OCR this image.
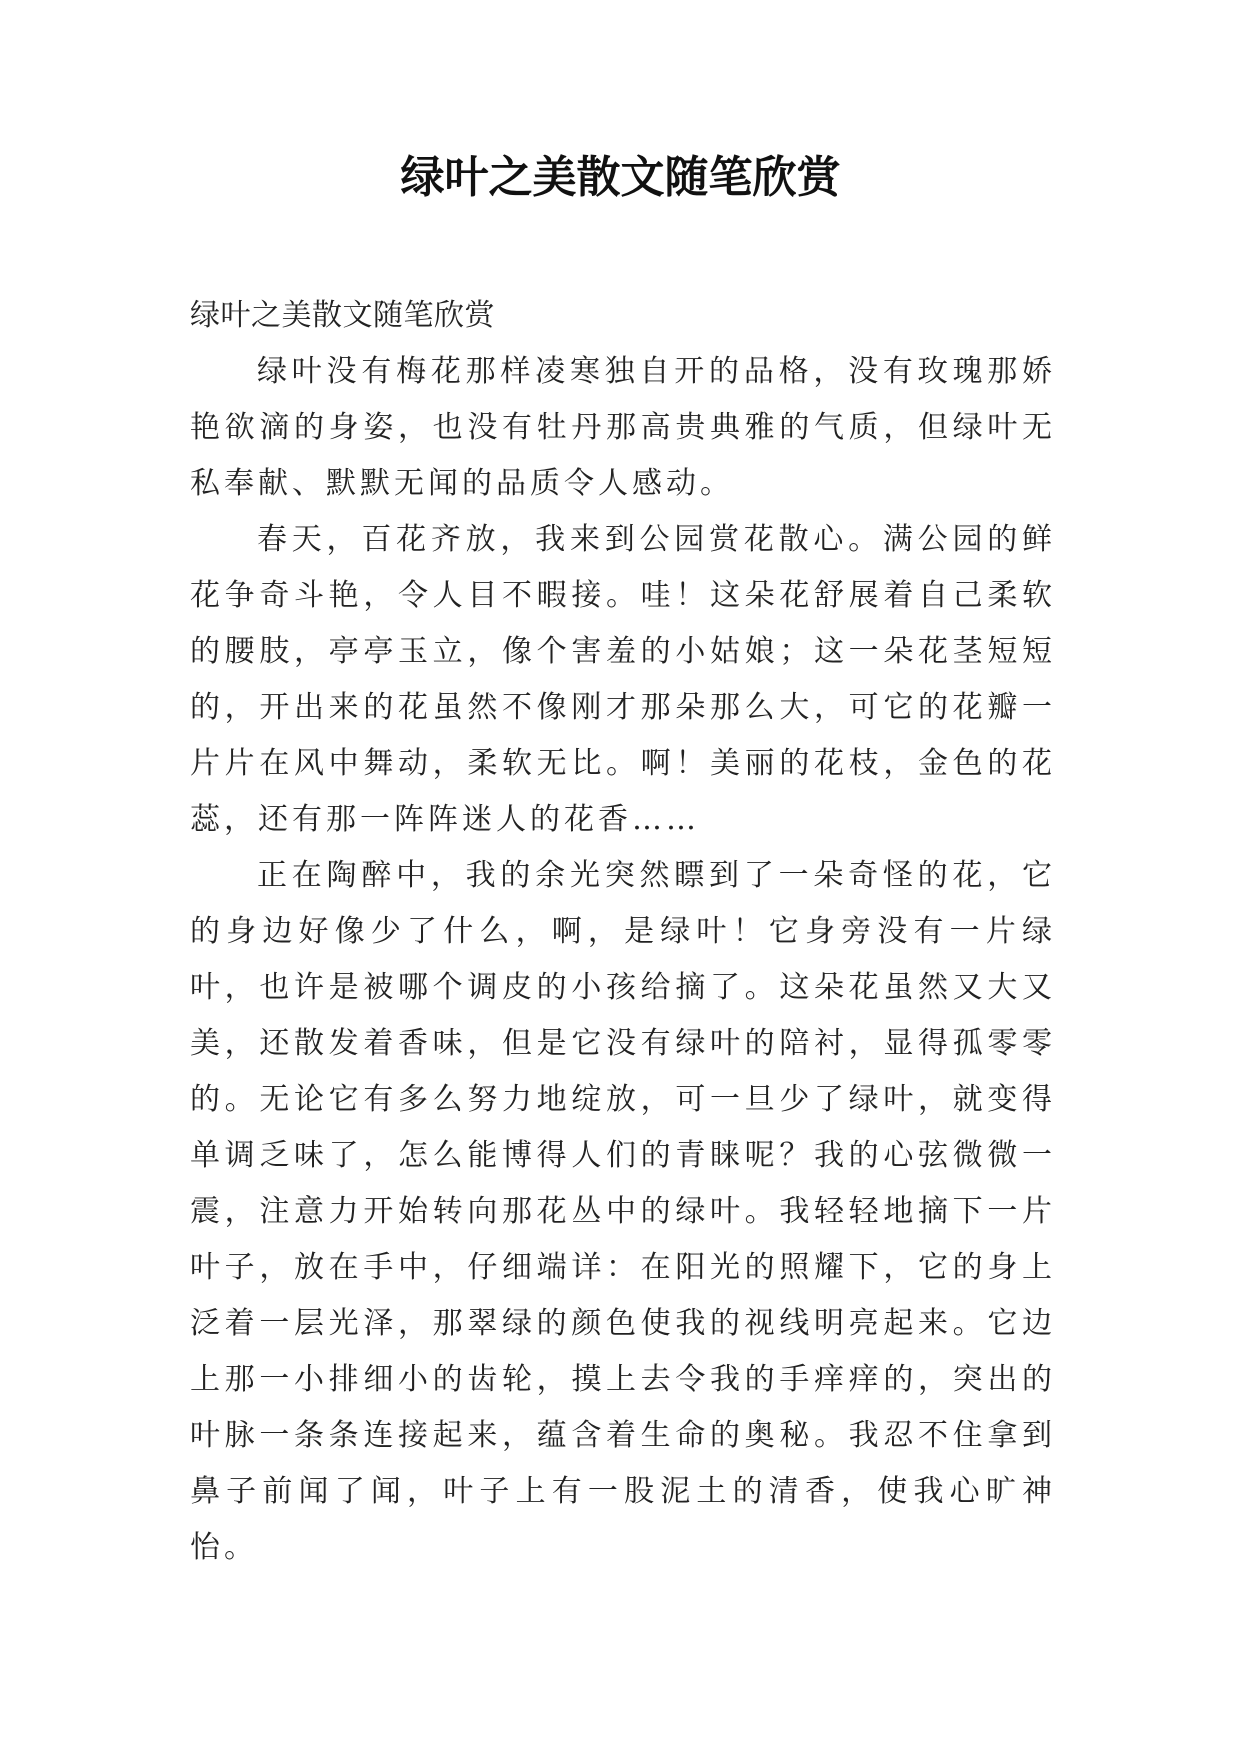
绿叶之美散文随笔欣赏

绿叶之美散文随笔欣赏

绿叶没有梅花那样凌寒独自开的品格，没有玫瑰那娇艳欲滴的身姿，也没有牡丹那高贵典雅的气质，但绿叶无私奉献、默默无闻的品质令人感动。

春天，百花齐放，我来到公园赏花散心。满公园的鲜花争奇斗艳，令人目不暇接。哇！这朵花舒展着自己柔软的腰肢，亭亭玉立，像个害羞的小姑娘；这一朵花茎短短的，开出来的花虽然不像刚才那朵那么大，可它的花瓣一片片在风中舞动，柔软无比。啊！美丽的花枝，金色的花蕊，还有那一阵阵迷人的花香……

正在陶醉中，我的余光突然瞟到了一朵奇怪的花，它的身边好像少了什么，啊，是绿叶！它身旁没有一片绿叶，也许是被哪个调皮的小孩给摘了。这朵花虽然又大又美，还散发着香味，但是它没有绿叶的陪衬，显得孤零零的。无论它有多么努力地绽放，可一旦少了绿叶，就变得单调乏味了，怎么能博得人们的青睐呢？我的心弦微微一震，注意力开始转向那花丛中的绿叶。我轻轻地摘下一片叶子，放在手中，仔细端详：在阳光的照耀下，它的身上泛着一层光泽，那翠绿的颜色使我的视线明亮起来。它边上那一小排细小的齿轮，摸上去令我的手痒痒的，突出的叶脉一条条连接起来，蕴含着生命的奥秘。我忍不住拿到鼻子前闻了闻，叶子上有一股泥土的清香，使我心旷神怡。
